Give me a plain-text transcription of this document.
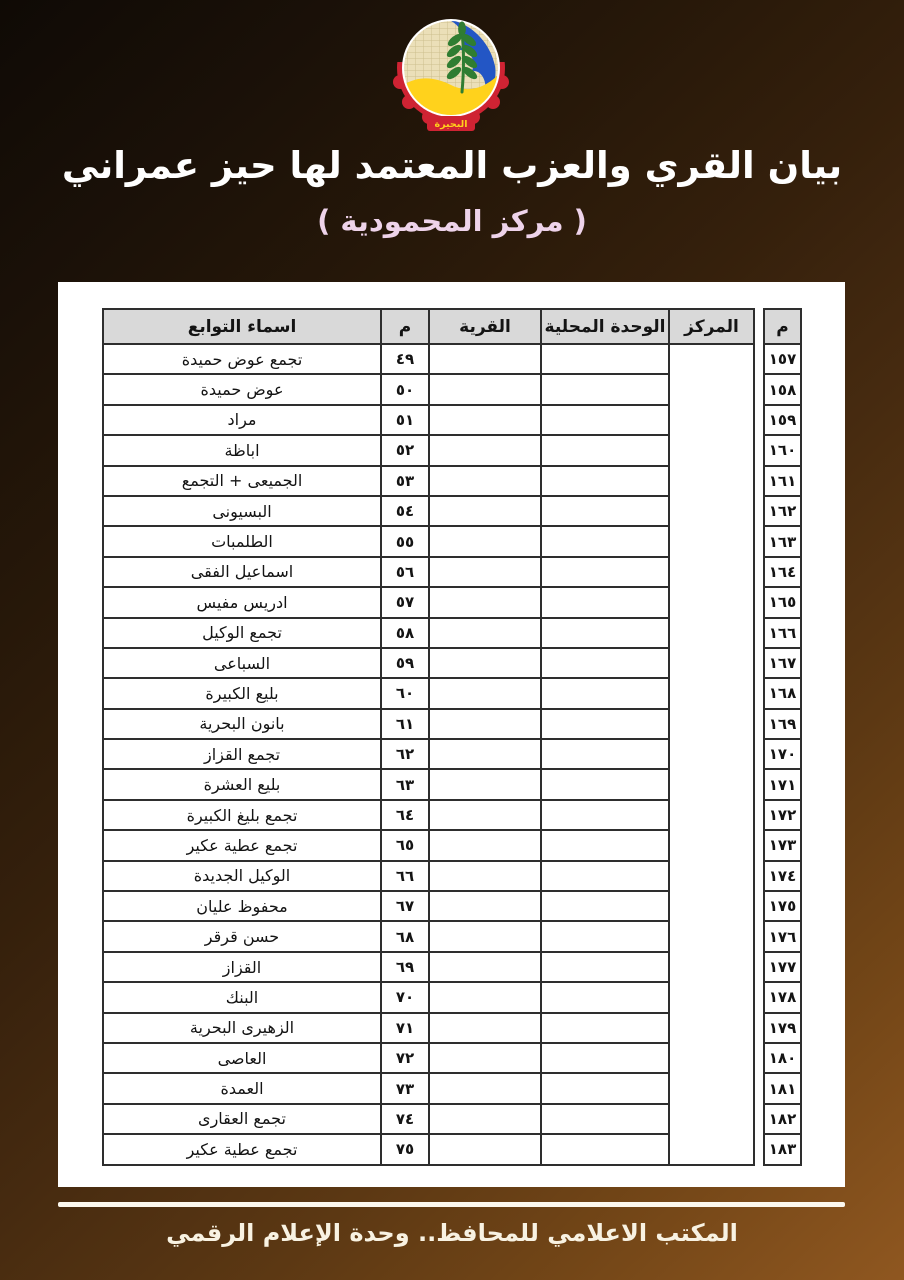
البحيرة
بيان القري والعزب المعتمد لها حيز عمراني
( مركز المحمودية )
م		المركز	الوحدة المحلية	القرية	م	اسماء التوابع
١٥٧					٤٩	تجمع عوض حميدة
١٥٨					٥٠	عوض حميدة
١٥٩					٥١	مراد
١٦٠					٥٢	اباظة
١٦١					٥٣	الجميعى + التجمع
١٦٢					٥٤	البسيونى
١٦٣					٥٥	الطلمبات
١٦٤					٥٦	اسماعيل الفقى
١٦٥					٥٧	ادريس مفيس
١٦٦					٥٨	تجمع الوكيل
١٦٧					٥٩	السباعى
١٦٨					٦٠	بليع الكبيرة
١٦٩					٦١	بانون البحرية
١٧٠					٦٢	تجمع القزاز
١٧١					٦٣	بليع العشرة
١٧٢					٦٤	تجمع بليغ الكبيرة
١٧٣					٦٥	تجمع عطية عكير
١٧٤					٦٦	الوكيل الجديدة
١٧٥					٦٧	محفوظ عليان
١٧٦					٦٨	حسن قرقر
١٧٧					٦٩	القزاز
١٧٨					٧٠	البنك
١٧٩					٧١	الزهيرى البحرية
١٨٠					٧٢	العاصى
١٨١					٧٣	العمدة
١٨٢					٧٤	تجمع العقارى
١٨٣					٧٥	تجمع عطية عكير
المكتب الاعلامي للمحافظ.. وحدة الإعلام الرقمي
